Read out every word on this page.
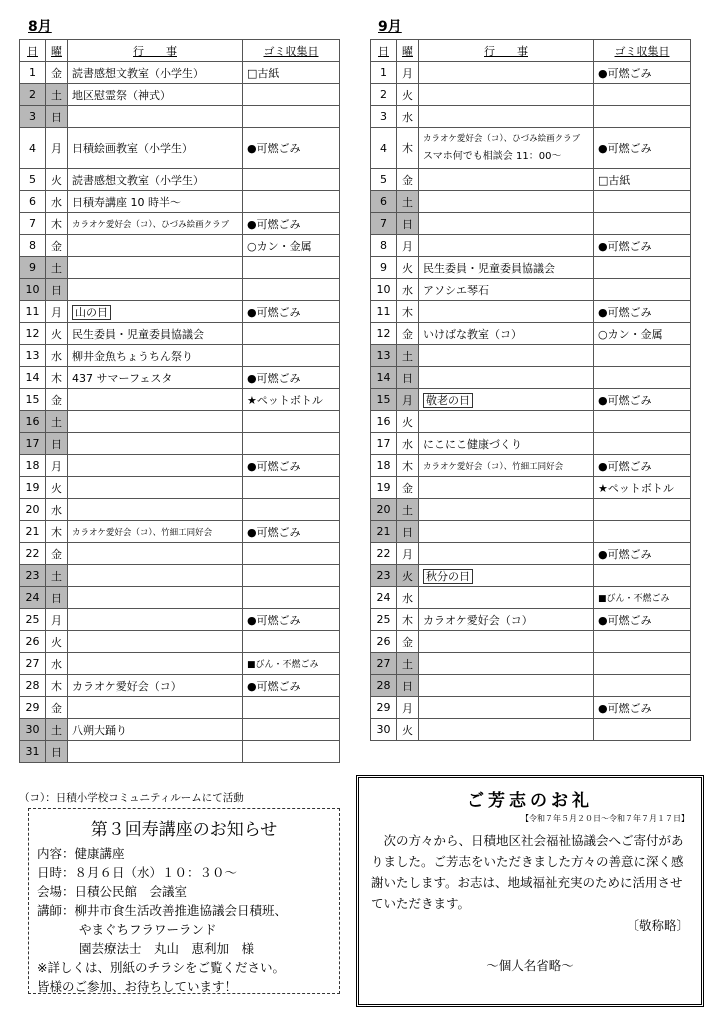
8月
日	曜	行　　事	ゴミ収集日
1	金	読書感想文教室（小学生）	□古紙
2	土	地区慰霊祭（神式）	
3	日		
4	月	日積絵画教室（小学生）	●可燃ごみ
5	火	読書感想文教室（小学生）	
6	水	日積寿講座 10 時半～	
7	木	カラオケ愛好会（コ）、ひづみ絵画クラブ	●可燃ごみ
8	金		○カン・金属
9	土		
10	日		
11	月	山の日	●可燃ごみ
12	火	民生委員・児童委員協議会	
13	水	柳井金魚ちょうちん祭り	
14	木	437 サマーフェスタ	●可燃ごみ
15	金		★ペットボトル
16	土		
17	日		
18	月		●可燃ごみ
19	火		
20	水		
21	木	カラオケ愛好会（コ）、竹細工同好会	●可燃ごみ
22	金		
23	土		
24	日		
25	月		●可燃ごみ
26	火		
27	水		■びん・不燃ごみ
28	木	カラオケ愛好会（コ）	●可燃ごみ
29	金		
30	土	八朔大踊り	
31	日		
9月
日	曜	行　　事	ゴミ収集日
1	月		●可燃ごみ
2	火		
3	水		
4	木	カラオケ愛好会（コ）、ひづみ絵画クラブ
スマホ何でも相談会 11：00～	●可燃ごみ
5	金		□古紙
6	土		
7	日		
8	月		●可燃ごみ
9	火	民生委員・児童委員協議会	
10	水	アソシエ琴石	
11	木		●可燃ごみ
12	金	いけばな教室（コ）	○カン・金属
13	土		
14	日		
15	月	敬老の日	●可燃ごみ
16	火		
17	水	にこにこ健康づくり	
18	木	カラオケ愛好会（コ）、竹細工同好会	●可燃ごみ
19	金		★ペットボトル
20	土		
21	日		
22	月		●可燃ごみ
23	火	秋分の日	
24	水		■びん・不燃ごみ
25	木	カラオケ愛好会（コ）	●可燃ごみ
26	金		
27	土		
28	日		
29	月		●可燃ごみ
30	火		
（コ）：日積小学校コミュニティルームにて活動
第３回寿講座のお知らせ
内容：健康講座
日時：８月６日（水）１０：３０～
会場：日積公民館　会議室
講師：柳井市食生活改善推進協議会日積班、
やまぐちフラワーランド
園芸療法士　丸山　恵利加　様
※詳しくは、別紙のチラシをご覧ください。
皆様のご参加、お待ちしています！
ご芳志のお礼
【令和７年５月２０日～令和７年７月１７日】

次の方々から、日積地区社会福祉協議会へご寄付がありました。ご芳志をいただきました方々の善意に深く感謝いたします。お志は、地域福祉充実のために活用させていただきます。

〔敬称略〕
～個人名省略～
